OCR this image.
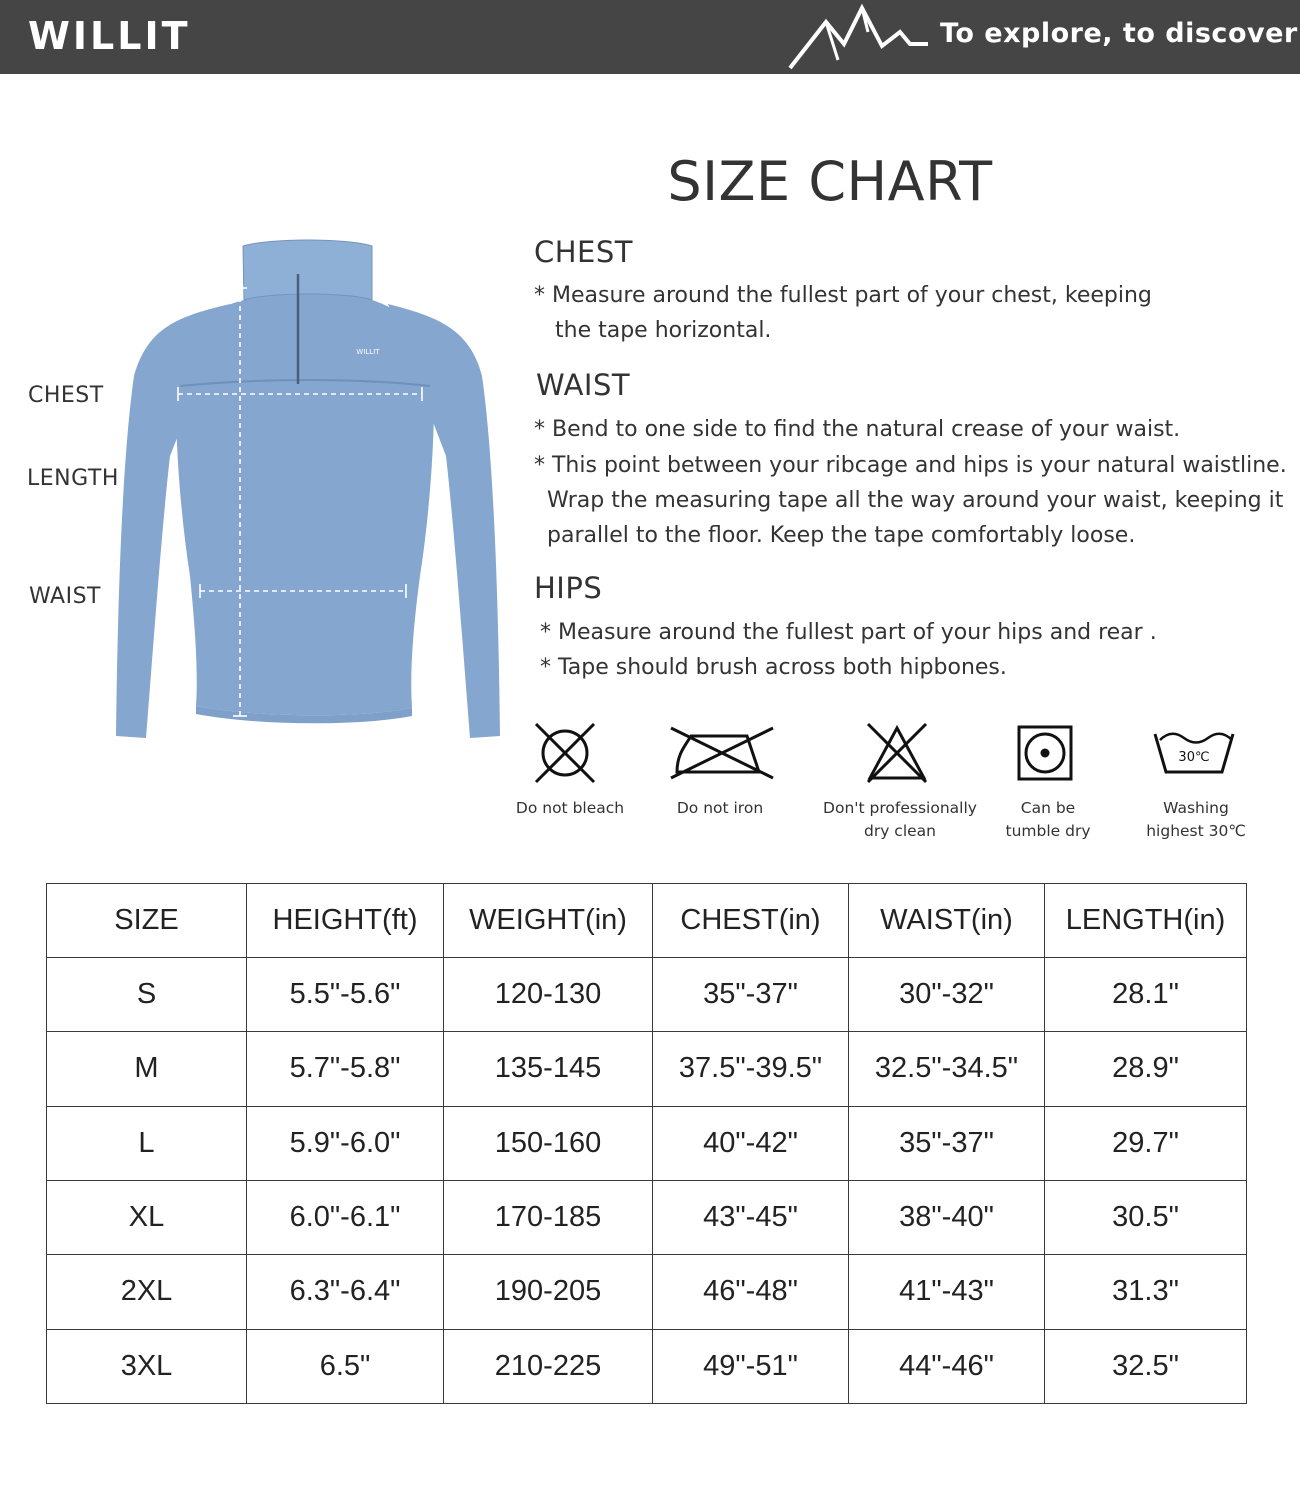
WILLIT	To explore, to discover
SIZE CHART
WILLIT
CHEST
LENGTH
WAIST
CHEST
* Measure around the fullest part of your chest, keeping
the tape horizontal.
WAIST
* Bend to one side to find the natural crease of your waist.
* This point between your ribcage and hips is your natural waistline.
Wrap the measuring tape all the way around your waist, keeping it
parallel to the floor. Keep the tape comfortably loose.
HIPS
* Measure around the fullest part of your hips and rear .
* Tape should brush across both hipbones.
30℃
Do not bleach	Do not iron	Don't professionally
dry clean
Can be
tumble dry
Washing
highest 30℃
SIZE	HEIGHT(ft)	WEIGHT(in)	CHEST(in)	WAIST(in)	LENGTH(in)
S	5.5"-5.6"	120-130	35"-37"	30"-32"	28.1"
M	5.7"-5.8"	135-145	37.5"-39.5"	32.5"-34.5"	28.9"
L	5.9"-6.0"	150-160	40"-42"	35"-37"	29.7"
XL	6.0"-6.1"	170-185	43"-45"	38"-40"	30.5"
2XL	6.3"-6.4"	190-205	46"-48"	41"-43"	31.3"
3XL	6.5"	210-225	49"-51"	44"-46"	32.5"
